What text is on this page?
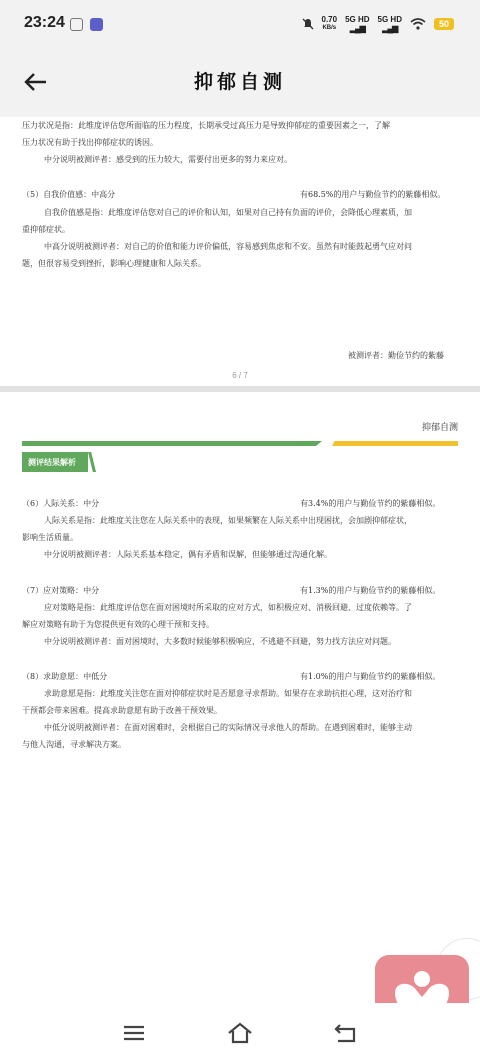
23:24	0.70
KB/s
5G HD
▂▄▆
5G HD
▂▄▆	50
抑郁自测
压力状况是指：此维度评估您所面临的压力程度，长期承受过高压力是导致抑郁症的重要因素之一，了解
压力状况有助于找出抑郁症状的诱因。
中分说明被测评者：感受到的压力较大，需要付出更多的努力来应对。
（5）自我价值感：中高分	有68.5%的用户与勤俭节约的紫藤相似。
自我价值感是指：此维度评估您对自己的评价和认知，如果对自己持有负面的评价，会降低心理素质，加
重抑郁症状。
中高分说明被测评者：对自己的价值和能力评价偏低，容易感到焦虑和不安。虽然有时能鼓起勇气应对问
题，但很容易受到挫折，影响心理健康和人际关系。
被测评者：勤俭节约的紫藤
6 / 7
抑郁自测
测评结果解析
（6）人际关系：中分	有3.4%的用户与勤俭节约的紫藤相似。
人际关系是指：此维度关注您在人际关系中的表现，如果频繁在人际关系中出现困扰，会加剧抑郁症状，
影响生活质量。
中分说明被测评者：人际关系基本稳定，偶有矛盾和误解，但能够通过沟通化解。
（7）应对策略：中分	有1.3%的用户与勤俭节约的紫藤相似。
应对策略是指：此维度评估您在面对困境时所采取的应对方式，如积极应对、消极回避、过度依赖等。了
解应对策略有助于为您提供更有效的心理干预和支持。
中分说明被测评者：面对困境时，大多数时候能够积极响应，不逃避不回避，努力找方法应对问题。
（8）求助意愿：中低分	有1.0%的用户与勤俭节约的紫藤相似。
求助意愿是指：此维度关注您在面对抑郁症状时是否愿意寻求帮助。如果存在求助抗拒心理，这对治疗和
干预都会带来困难。提高求助意愿有助于改善干预效果。
中低分说明被测评者：在面对困难时，会根据自己的实际情况寻求他人的帮助。在遇到困难时，能够主动
与他人沟通，寻求解决方案。
